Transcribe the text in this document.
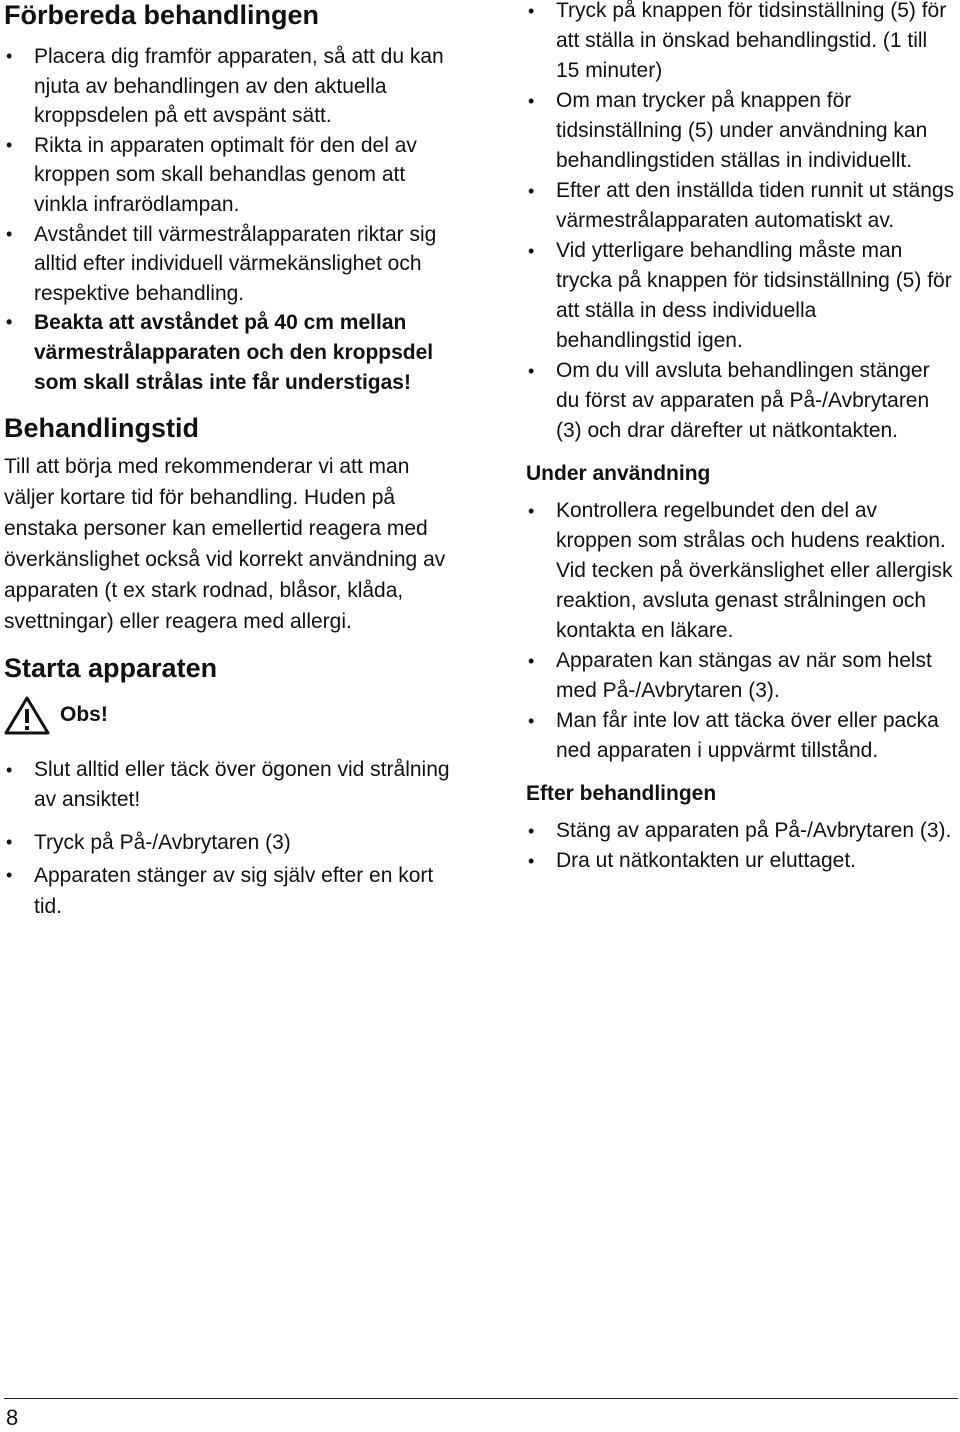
Förbereda behandlingen
• Placera dig framför apparaten, så att du kan njuta av behandlingen av den aktuella kroppsdelen på ett avspänt sätt.
• Rikta in apparaten optimalt för den del av kroppen som skall behandlas genom att vinkla infrarödlampan.
• Avståndet till värmestrålapparaten riktar sig alltid efter individuell värmekänslighet och respektive behandling.
• Beakta att avståndet på 40 cm mellan värmestrålapparaten och den kroppsdel som skall strålas inte får understigas!
Behandlingstid

Till att börja med rekommenderar vi att man väljer kortare tid för behandling. Huden på enstaka personer kan emellertid reagera med överkänslighet också vid korrekt användning av apparaten (t ex stark rodnad, blåsor, klåda, svettningar) eller reagera med allergi.

Starta apparaten
Obs!
• Slut alltid eller täck över ögonen vid strålning av ansiktet!
• Tryck på På-/Avbrytaren (3)
• Apparaten stänger av sig själv efter en kort tid.
• Tryck på knappen för tidsinställning (5) för att ställa in önskad behandlingstid. (1 till 15 minuter)
• Om man trycker på knappen för tidsinställning (5) under användning kan behandlingstiden ställas in individuellt.
• Efter att den inställda tiden runnit ut stängs värmestrålapparaten automatiskt av.
• Vid ytterligare behandling måste man trycka på knappen för tidsinställning (5) för att ställa in dess individuella behandlingstid igen.
• Om du vill avsluta behandlingen stänger du först av apparaten på På-/Avbrytaren (3) och drar därefter ut nätkontakten.
Under användning
• Kontrollera regelbundet den del av kroppen som strålas och hudens reaktion. Vid tecken på överkänslighet eller allergisk reaktion, avsluta genast strålningen och kontakta en läkare.
• Apparaten kan stängas av när som helst med På-/Avbrytaren (3).
• Man får inte lov att täcka över eller packa ned apparaten i uppvärmt tillstånd.
Efter behandlingen
• Stäng av apparaten på På-/Avbrytaren (3).
• Dra ut nätkontakten ur eluttaget.
8
